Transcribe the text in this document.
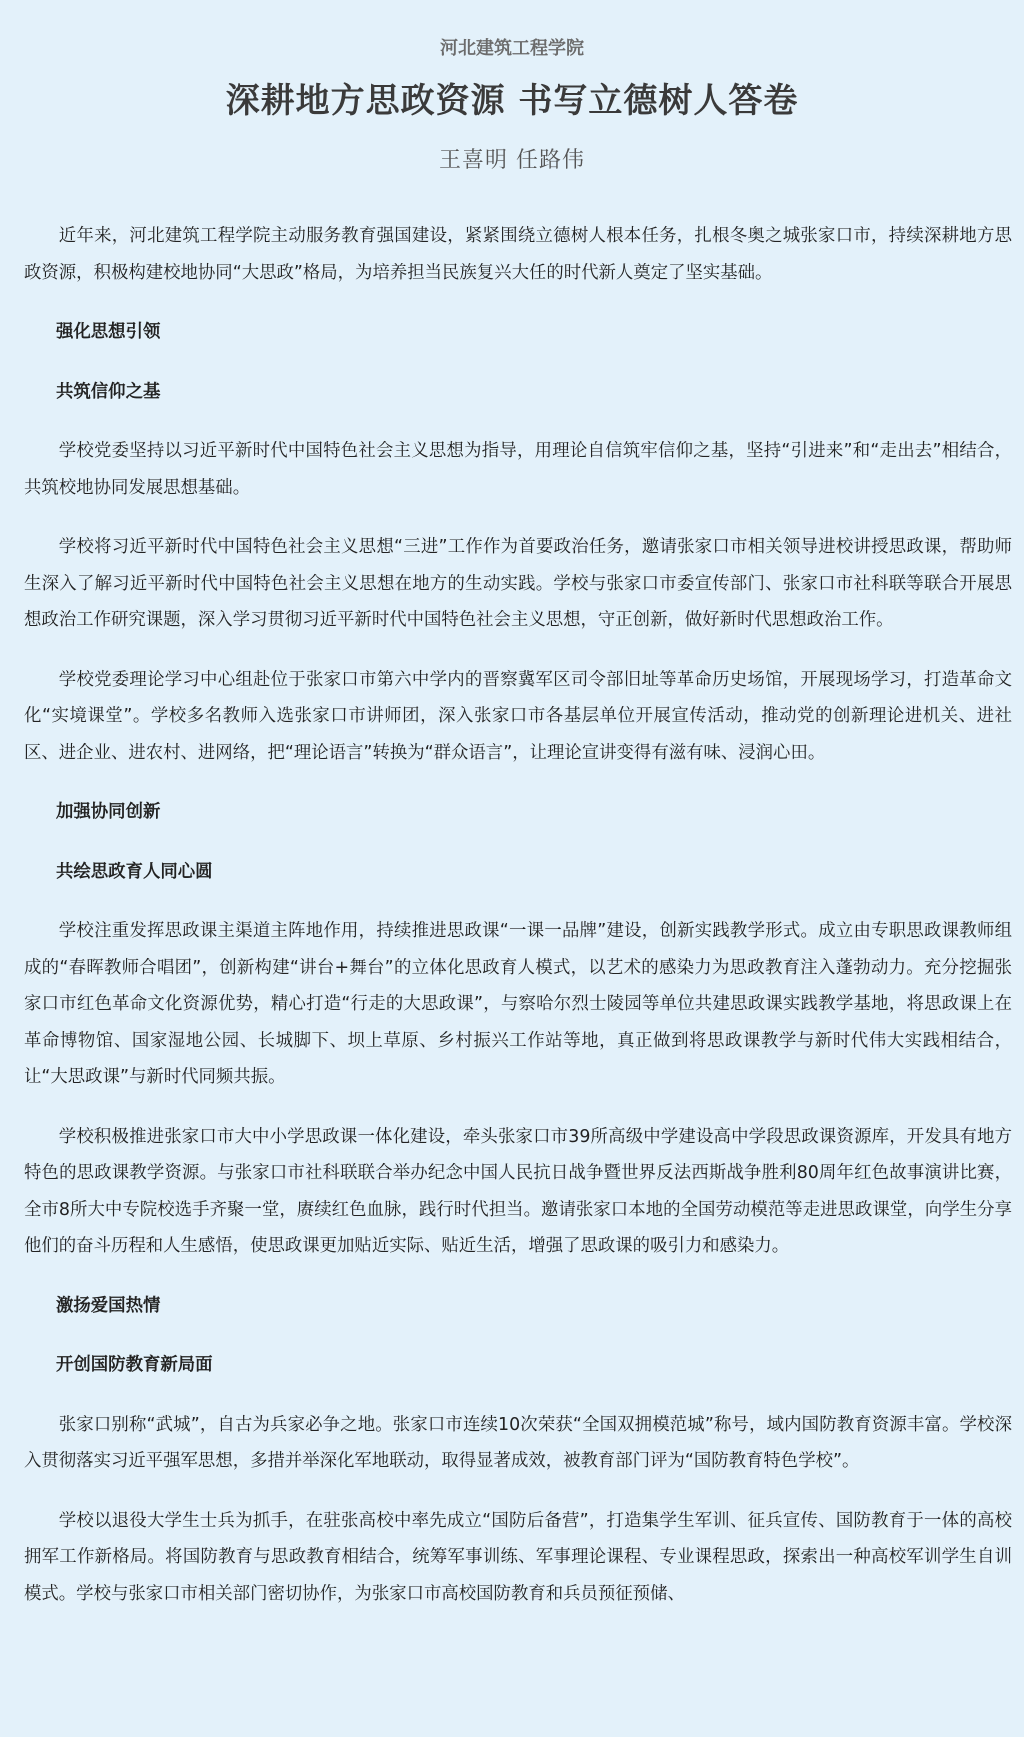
河北建筑工程学院

深耕地方思政资源 书写立德树人答卷

王喜明 任路伟

近年来，河北建筑工程学院主动服务教育强国建设，紧紧围绕立德树人根本任务，扎根冬奥之城张家口市，持续深耕地方思政资源，积极构建校地协同“大思政”格局，为培养担当民族复兴大任的时代新人奠定了坚实基础。

强化思想引领
共筑信仰之基

学校党委坚持以习近平新时代中国特色社会主义思想为指导，用理论自信筑牢信仰之基，坚持“引进来”和“走出去”相结合，共筑校地协同发展思想基础。

学校将习近平新时代中国特色社会主义思想“三进”工作作为首要政治任务，邀请张家口市相关领导进校讲授思政课，帮助师生深入了解习近平新时代中国特色社会主义思想在地方的生动实践。学校与张家口市委宣传部门、张家口市社科联等联合开展思想政治工作研究课题，深入学习贯彻习近平新时代中国特色社会主义思想，守正创新，做好新时代思想政治工作。

学校党委理论学习中心组赴位于张家口市第六中学内的晋察冀军区司令部旧址等革命历史场馆，开展现场学习，打造革命文化“实境课堂”。学校多名教师入选张家口市讲师团，深入张家口市各基层单位开展宣传活动，推动党的创新理论进机关、进社区、进企业、进农村、进网络，把“理论语言”转换为“群众语言”，让理论宣讲变得有滋有味、浸润心田。

加强协同创新
共绘思政育人同心圆

学校注重发挥思政课主渠道主阵地作用，持续推进思政课“一课一品牌”建设，创新实践教学形式。成立由专职思政课教师组成的“春晖教师合唱团”，创新构建“讲台+舞台”的立体化思政育人模式，以艺术的感染力为思政教育注入蓬勃动力。充分挖掘张家口市红色革命文化资源优势，精心打造“行走的大思政课”，与察哈尔烈士陵园等单位共建思政课实践教学基地，将思政课上在革命博物馆、国家湿地公园、长城脚下、坝上草原、乡村振兴工作站等地，真正做到将思政课教学与新时代伟大实践相结合，让“大思政课”与新时代同频共振。

学校积极推进张家口市大中小学思政课一体化建设，牵头张家口市39所高级中学建设高中学段思政课资源库，开发具有地方特色的思政课教学资源。与张家口市社科联联合举办纪念中国人民抗日战争暨世界反法西斯战争胜利80周年红色故事演讲比赛，全市8所大中专院校选手齐聚一堂，赓续红色血脉，践行时代担当。邀请张家口本地的全国劳动模范等走进思政课堂，向学生分享他们的奋斗历程和人生感悟，使思政课更加贴近实际、贴近生活，增强了思政课的吸引力和感染力。

激扬爱国热情
开创国防教育新局面

张家口别称“武城”，自古为兵家必争之地。张家口市连续10次荣获“全国双拥模范城”称号，域内国防教育资源丰富。学校深入贯彻落实习近平强军思想，多措并举深化军地联动，取得显著成效，被教育部门评为“国防教育特色学校”。

学校以退役大学生士兵为抓手，在驻张高校中率先成立“国防后备营”，打造集学生军训、征兵宣传、国防教育于一体的高校拥军工作新格局。将国防教育与思政教育相结合，统筹军事训练、军事理论课程、专业课程思政，探索出一种高校军训学生自训模式。学校与张家口市相关部门密切协作，为张家口市高校国防教育和兵员预征预储、
